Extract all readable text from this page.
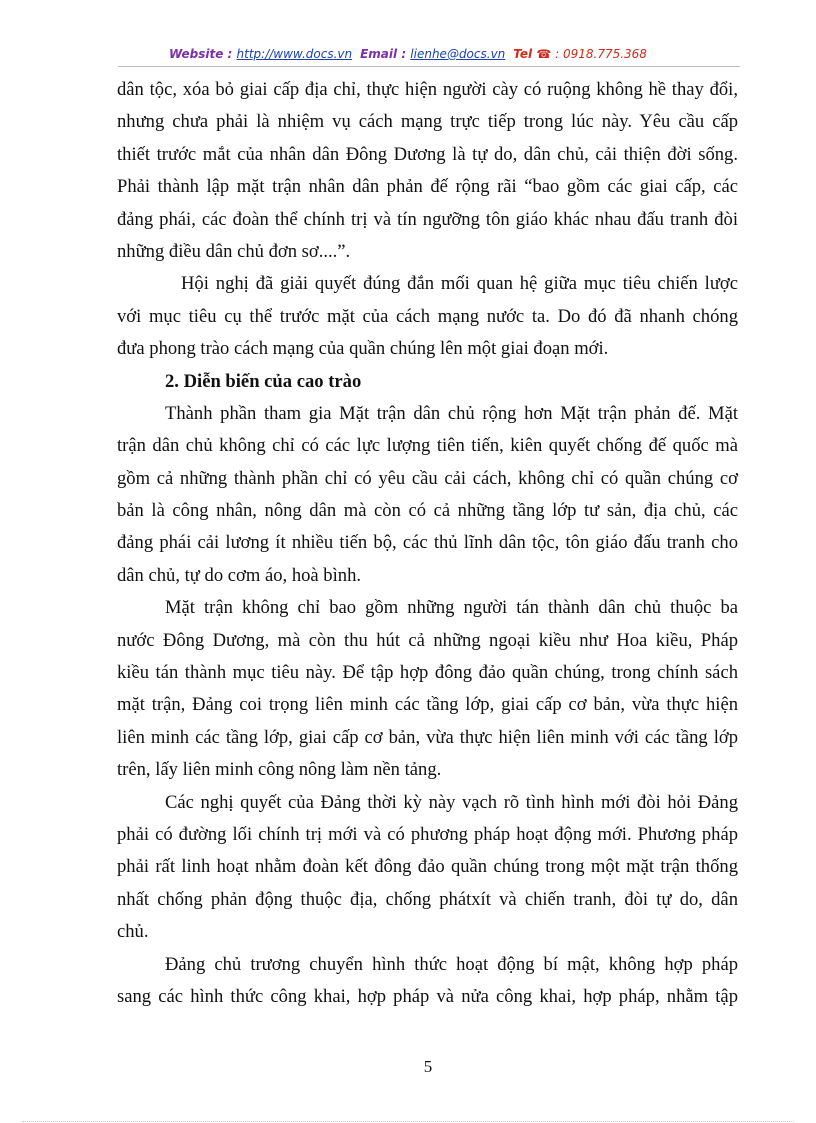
Website : http://www.docs.vn Email : lienhe@docs.vn Tel ☎ : 0918.775.368

dân tộc, xóa bỏ giai cấp địa chỉ, thực hiện người cày có ruộng không hề thay đổi,
nhưng chưa phải là nhiệm vụ cách mạng trực tiếp trong lúc này. Yêu cầu cấp
thiết trước mắt của nhân dân Đông Dương là tự do, dân chủ, cải thiện đời sống.
Phải thành lập mặt trận nhân dân phản đế rộng rãi “bao gồm các giai cấp, các
đảng phái, các đoàn thể chính trị và tín ngưỡng tôn giáo khác nhau đấu tranh đòi
những điều dân chủ đơn sơ....”.

Hội nghị đã giải quyết đúng đắn mối quan hệ giữa mục tiêu chiến lược
với mục tiêu cụ thể trước mặt của cách mạng nước ta. Do đó đã nhanh chóng
đưa phong trào cách mạng của quần chúng lên một giai đoạn mới.

2. Diễn biến của cao trào

Thành phần tham gia Mặt trận dân chủ rộng hơn Mặt trận phản đế. Mặt
trận dân chủ không chỉ có các lực lượng tiên tiến, kiên quyết chống đế quốc mà
gồm cả những thành phần chỉ có yêu cầu cải cách, không chỉ có quần chúng cơ
bản là công nhân, nông dân mà còn có cả những tầng lớp tư sản, địa chủ, các
đảng phái cải lương ít nhiều tiến bộ, các thủ lĩnh dân tộc, tôn giáo đấu tranh cho
dân chủ, tự do cơm áo, hoà bình.

Mặt trận không chỉ bao gồm những người tán thành dân chủ thuộc ba
nước Đông Dương, mà còn thu hút cả những ngoại kiều như Hoa kiều, Pháp
kiều tán thành mục tiêu này. Để tập hợp đông đảo quần chúng, trong chính sách
mặt trận, Đảng coi trọng liên minh các tầng lớp, giai cấp cơ bản, vừa thực hiện
liên minh các tầng lớp, giai cấp cơ bản, vừa thực hiện liên minh với các tầng lớp
trên, lấy liên minh công nông làm nền tảng.

Các nghị quyết của Đảng thời kỳ này vạch rõ tình hình mới đòi hỏi Đảng
phải có đường lối chính trị mới và có phương pháp hoạt động mới. Phương pháp
phải rất linh hoạt nhằm đoàn kết đông đảo quần chúng trong một mặt trận thống
nhất chống phản động thuộc địa, chống phátxít và chiến tranh, đòi tự do, dân
chủ.

Đảng chủ trương chuyển hình thức hoạt động bí mật, không hợp pháp
sang các hình thức công khai, hợp pháp và nửa công khai, hợp pháp, nhằm tập

5
